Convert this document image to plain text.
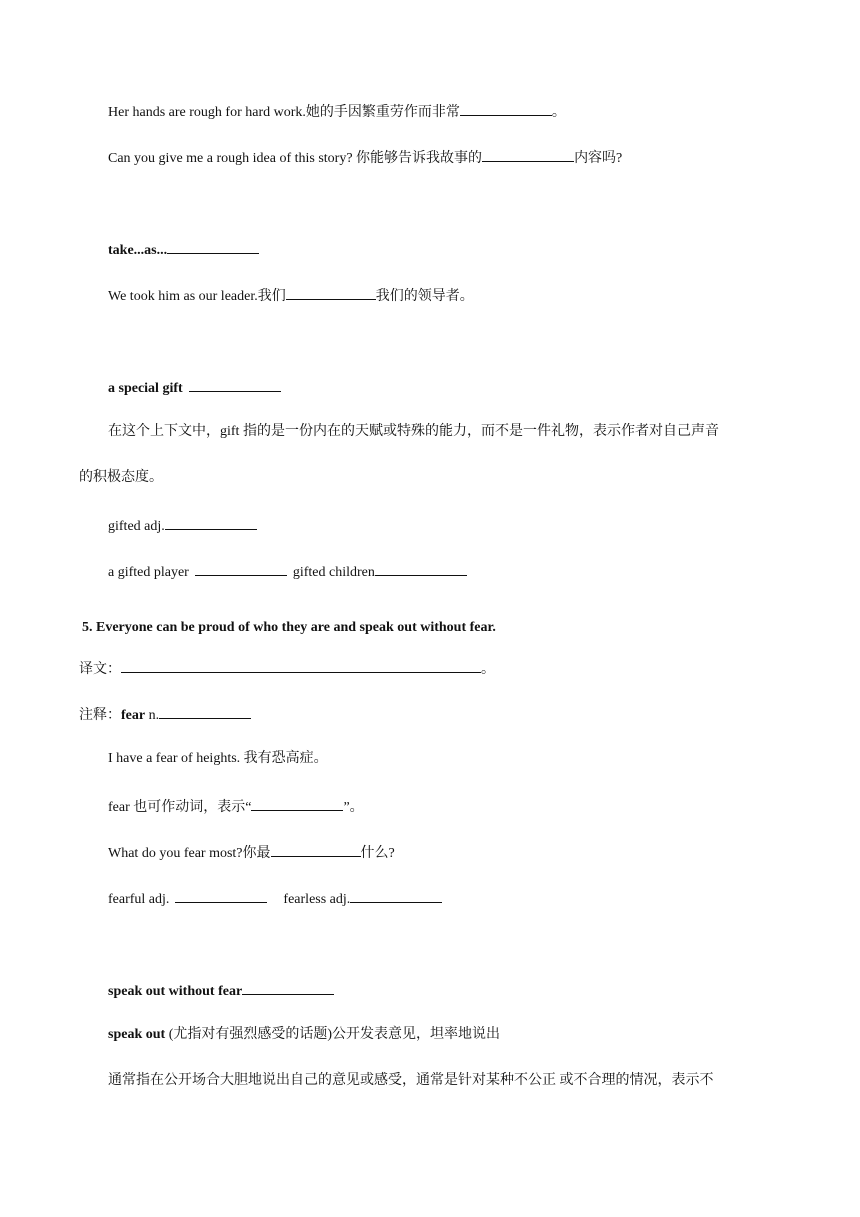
Her hands are rough for hard work.她的手因繁重劳作而非常	。
Can you give me a rough idea of this story? 你能够告诉我故事的	内容吗?
take...as...
We took him as our leader.我们	我们的领导者。
a special gift
在这个上下文中，gift 指的是一份内在的天赋或特殊的能力，而不是一件礼物，表示作者对自己声音
的积极态度。
gifted adj.
a gifted player	gifted children
5. Everyone can be proud of who they are and speak out without fear.
译文：	。
注释：fear n.
I have a fear of heights. 我有恐高症。
fear 也可作动词，表示“	”。
What do you fear most?你最	什么?
fearful adj.	fearless adj.
speak out without fear
speak out (尤指对有强烈感受的话题)公开发表意见，坦率地说出
通常指在公开场合大胆地说出自己的意见或感受，通常是针对某种不公正 或不合理的情况，表示不
